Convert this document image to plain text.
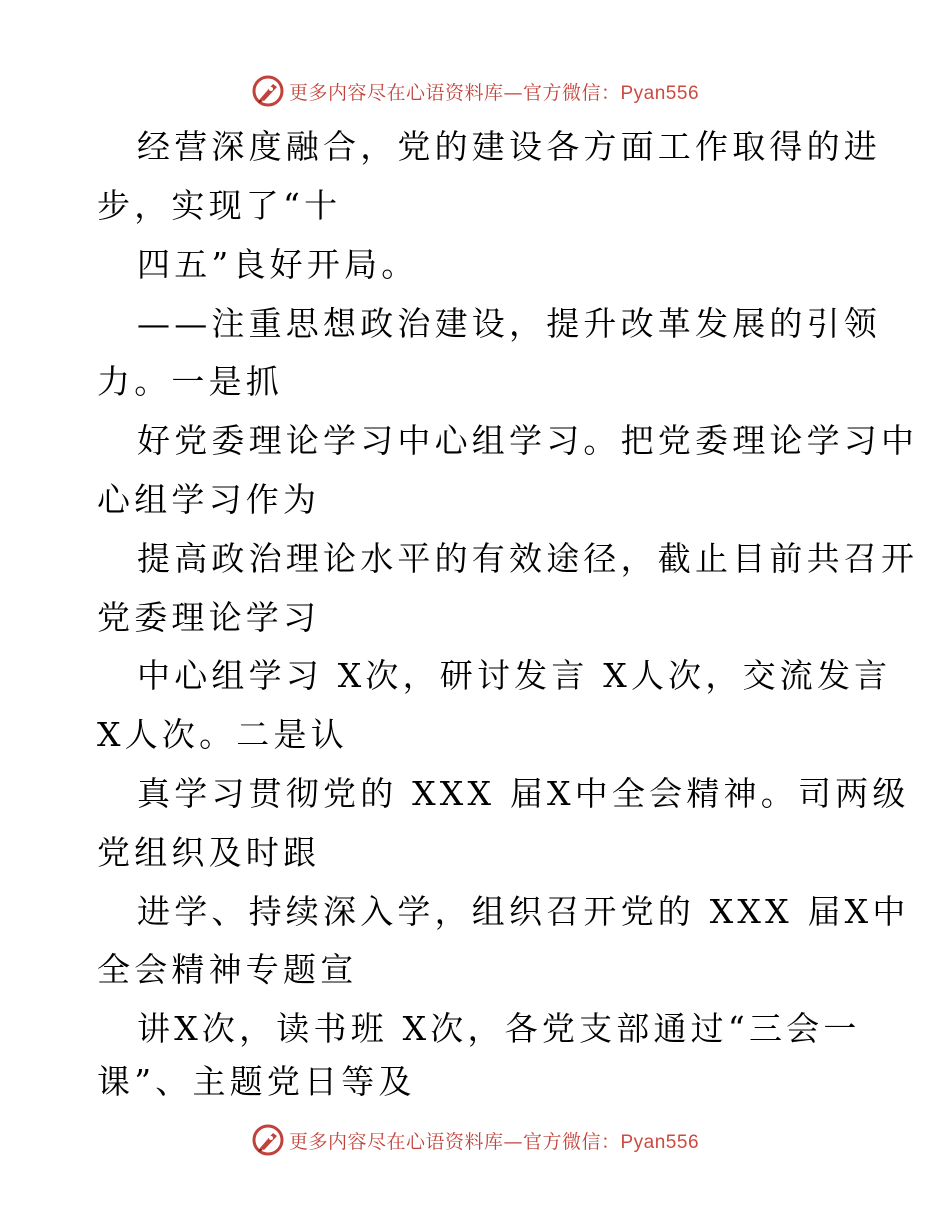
更多内容尽在心语资料库—官方微信：Pyan556
经营深度融合，党的建设各方面工作取得的进
步，实现了“十
四五”良好开局。
——注重思想政治建设，提升改革发展的引领
力。一是抓
好党委理论学习中心组学习。把党委理论学习中
心组学习作为
提高政治理论水平的有效途径，截止目前共召开
党委理论学习
中心组学习 X次，研讨发言 X人次，交流发言
X人次。二是认
真学习贯彻党的 XXX 届X中全会精神。司两级
党组织及时跟
进学、持续深入学，组织召开党的 XXX 届X中
全会精神专题宣
讲X次，读书班 X次，各党支部通过“三会一
课”、主题党日等及
更多内容尽在心语资料库—官方微信：Pyan556
